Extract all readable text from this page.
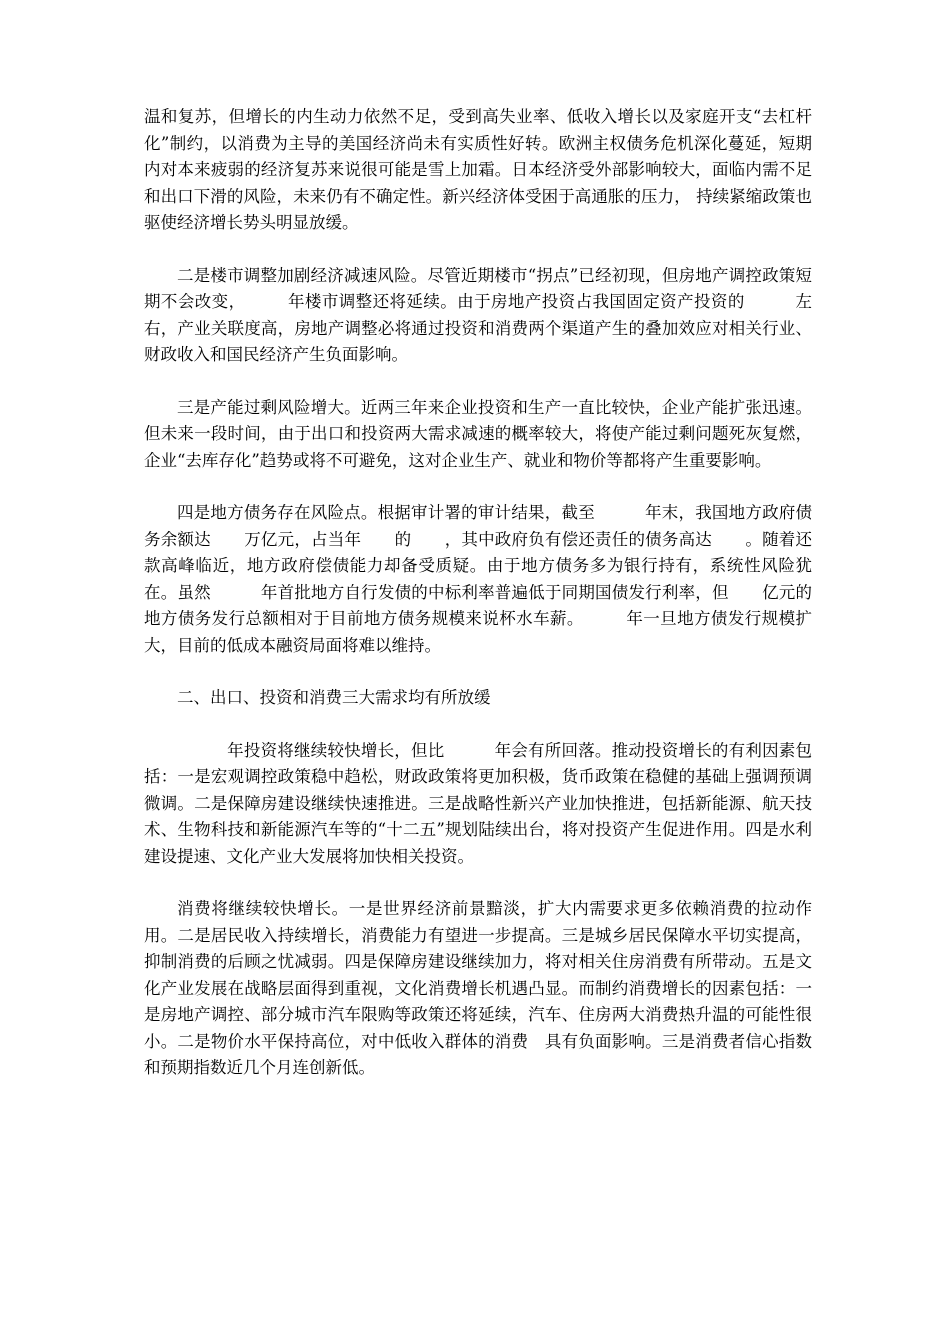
温和复苏，但增长的内生动力依然不足，受到高失业率、低收入增长以及家庭开支“去杠杆化”制约，以消费为主导的美国经济尚未有实质性好转。欧洲主权债务危机深化蔓延，短期内对本来疲弱的经济复苏来说很可能是雪上加霜。日本经济受外部影响较大，面临内需不足和出口下滑的风险，未来仍有不确定性。新兴经济体受困于高通胀的压力， 持续紧缩政策也驱使经济增长势头明显放缓。

二是楼市调整加剧经济减速风险。尽管近期楼市“拐点”已经初现，但房地产调控政策短期不会改变，　　　年楼市调整还将延续。由于房地产投资占我国固定资产投资的　　　左右，产业关联度高，房地产调整必将通过投资和消费两个渠道产生的叠加效应对相关行业、财政收入和国民经济产生负面影响。

三是产能过剩风险增大。近两三年来企业投资和生产一直比较快，企业产能扩张迅速。但未来一段时间，由于出口和投资两大需求减速的概率较大，将使产能过剩问题死灰复燃，企业“去库存化”趋势或将不可避免，这对企业生产、就业和物价等都将产生重要影响。

四是地方债务存在风险点。根据审计署的审计结果，截至　　　年末，我国地方政府债务余额达　　万亿元，占当年　　的　　，其中政府负有偿还责任的债务高达　　。随着还款高峰临近，地方政府偿债能力却备受质疑。由于地方债务多为银行持有，系统性风险犹在。虽然　　　年首批地方自行发债的中标利率普遍低于同期国债发行利率，但　　亿元的地方债务发行总额相对于目前地方债务规模来说杯水车薪。　　　年一旦地方债发行规模扩大，目前的低成本融资局面将难以维持。

二、出口、投资和消费三大需求均有所放缓

　　　年投资将继续较快增长，但比　　　年会有所回落。推动投资增长的有利因素包括：一是宏观调控政策稳中趋松，财政政策将更加积极，货币政策在稳健的基础上强调预调微调。二是保障房建设继续快速推进。三是战略性新兴产业加快推进，包括新能源、航天技术、生物科技和新能源汽车等的“十二五”规划陆续出台，将对投资产生促进作用。四是水利建设提速、文化产业大发展将加快相关投资。

消费将继续较快增长。一是世界经济前景黯淡，扩大内需要求更多依赖消费的拉动作用。二是居民收入持续增长，消费能力有望进一步提高。三是城乡居民保障水平切实提高，抑制消费的后顾之忧减弱。四是保障房建设继续加力，将对相关住房消费有所带动。五是文化产业发展在战略层面得到重视，文化消费增长机遇凸显。而制约消费增长的因素包括：一是房地产调控、部分城市汽车限购等政策还将延续，汽车、住房两大消费热升温的可能性很小。二是物价水平保持高位，对中低收入群体的消费　具有负面影响。三是消费者信心指数和预期指数近几个月连创新低。
